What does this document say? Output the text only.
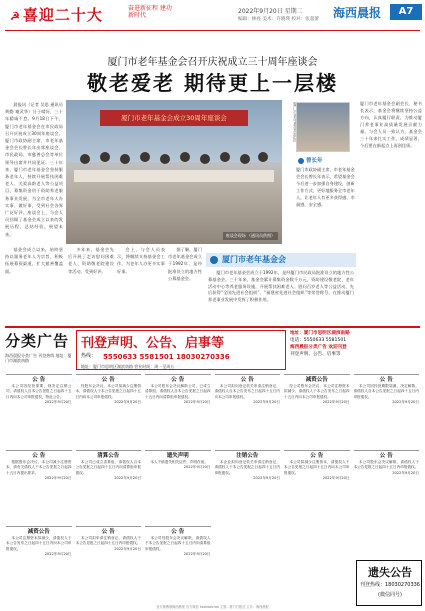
☭ 喜迎二十大	奋进新征程 建功新时代
2022年9月20日 星期二
编辑：林亮 美术：许晓瑛 校对：张超蕾 海西晨报	A7
厦门市老年基金会召开庆祝成立三十周年座谈会
敬老爱老 期待更上一层楼

晨报讯（记者 吴思 通讯员 黄勤 谢武华）日子晴好，三十年精诚不怠。9月18日下午，厦门市老年基金会在市民政局召开庆祝成立30周年座谈会。厦门市政协副主席、市老年基金会会长曾长年出席座谈会，市民政局、市慈善总会等单位领导出席并共同见证。三十年来，厦门市老年基金会坚持服务老年人，持续开展帮扶困难老人、关爱高龄老人等公益项目，募集资金用于资助养老服务事业发展，为全市老年人办实事、做好事，受到社会各界广泛好评。座谈会上，与会人员回顾了基金会成立以来的发展历程，总结经验，展望未来。

基金会成立以来，始终坚持以服务老年人为宗旨，积极拓展募资渠道，扩大慈善覆盖面。

多年来，基金会先后开展了走访慰问困难老人、资助敬老院建设等活动，受到好评。

会上，与会人员表示，将继续支持基金会工作，为老年人办更多实事好事。

据了解，厦门市老年基金会成立于1992年，是经批准设立的地方性公募基金会。

厦门市老年基金会成立30周年座谈会
座谈会现场 （通讯员供图）
曾长年
厦门市政协副主席、市老年基金会会长曾长年表示，希望基金会今后进一步加强自身建设，创新工作方式，更好地服务全市老年人，让老年人有更多获得感、幸福感、安全感。
厦门市老年基金会副会长、秘书长表示，基金会将继续坚持公益方向，认真履行职责，为推动厦门养老事业高质量发展贡献力量。与会人员一致认为，基金会三十年来扎实工作，成绩显著，今后要在新起点上再创佳绩。
厦门市老年基金会

厦门市老年基金会成立于1992年，是经厦门市民政局批准设立的地方性公募基金会。三十年来，基金会累计募集资金数千万元，资助建设敬老院、老年活动中心等养老服务设施，开展帮扶困难老人、慰问百岁老人等公益活动，先后获得“全国先进社会组织”、“福建省先进社会组织”等荣誉称号，在推动厦门养老事业发展中发挥了积极作用。

分类广告
海西晨报分类广告 刊登热线 地址：厦门市湖滨南路
刊登声明、公告、启事等
热线： 5550633 5581501 18030270336
地址：厦门市思明区湖滨南路 营业时间：周一至周五
地址：厦门市思明区湖滨南路
电话：5550633 5581501
海西晨报分类广告 欢迎刊登
刊登声明、公告、启事等
公 告

本公司因经营需要，现决定注销公司，请债权人自本公告见报之日起四十五日内向本公司申报债权，特此公告。

2022年9月20日

公 告

经股东会决议，本公司拟减少注册资本，请债权人于本公告见报之日起四十五日内向本公司申报债权。

2022年9月20日

公 告

本公司股东会决议解散公司，已成立清算组，请债权人自本公告见报之日起四十五日内向清算组申报债权。

2022年9月20日

公 告

本公司拟向登记机关申请注销登记，请债权人自本公告发布之日起四十五日内向本公司申报债权。

2022年9月20日

减资公告

经公司股东会决议，本公司注册资本拟减少，请债权人于本公告发布之日起四十五日内向本公司申报债权。

2022年9月20日

公 告

本公司因经营期限届满，决定解散，请债权人自本公告见报之日起四十五日内申报债权。

2022年9月20日

公 告

根据股东会决议，本公司减少注册资本，请有关债权人于本公告见报之日起四十五日内提出要求。

2022年9月20日

清算公告

本公司已成立清算组，请债权人自本公告见报之日起四十五日内向清算组申报债权。

2022年9月20日

遗失声明

本人不慎遗失相关证件，声明作废。

2022年9月20日

注销公告

本企业拟向登记机关申请注销登记，请债权人于本公告见报之日起四十五日内申报债权。

2022年9月20日

公 告

本公司拟减少注册资本，请债权人于本公告见报之日起四十五日内向本公司申报债权。

2022年9月20日

公 告

本公司股东会决议解散，请债权人于本公告见报之日起四十五日内申报债权。

2022年9月20日

减资公告

本公司注册资本拟减少，请债权人于本公告发布之日起四十五日内向本公司申报债权。

2022年9月20日

公 告

本公司拟申请注销登记，请债权人于本公告见报之日起四十五日内申报债权。

2022年9月20日

公 告

本公司经股东会决议解散，请债权人于本公告见报之日起四十五日内向清算组申报债权。

2022年9月20日

遗失公告
刊登热线：18030270336
(微信同号)
官方微博@海西晨报 官方微信 hxcbwechat 主管：厦门日报社 主办：海西晨报
